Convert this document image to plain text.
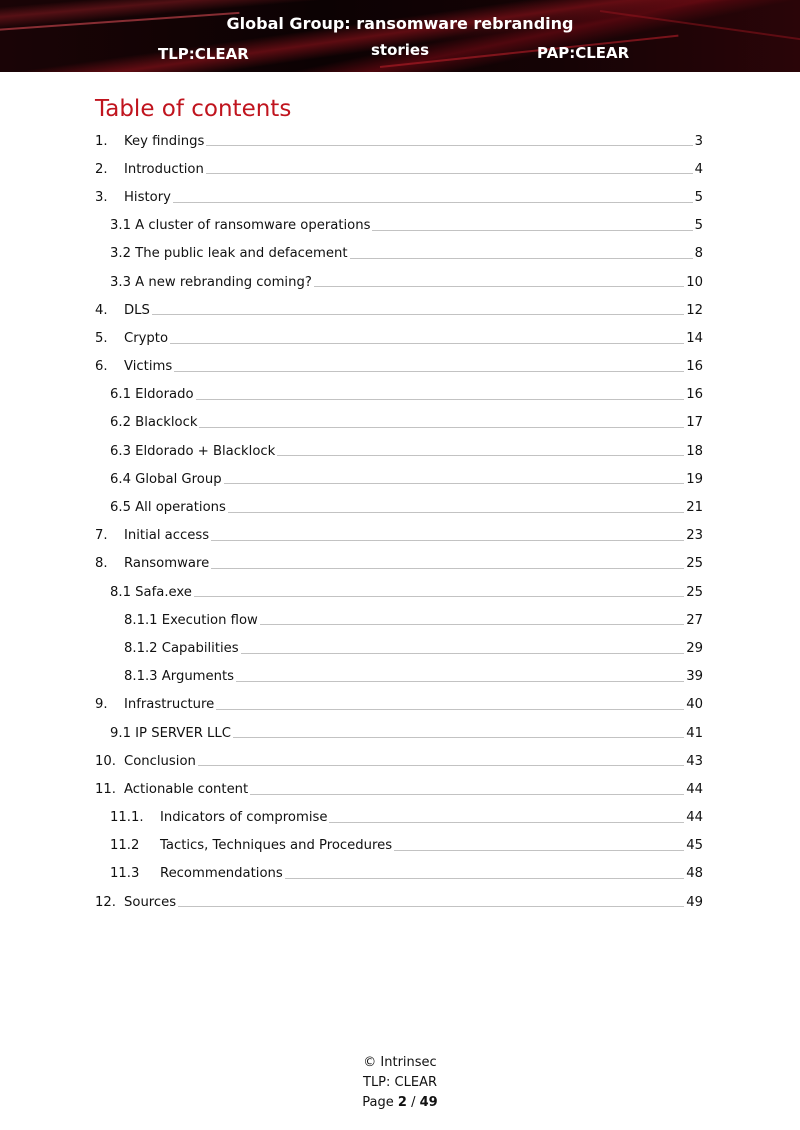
Global Group: ransomware rebranding
stories
TLP:CLEAR	PAP:CLEAR
Table of contents
1.	Key findings	3
2.	Introduction	4
3.	History	5
3.1 A cluster of ransomware operations	5
3.2 The public leak and defacement	8
3.3 A new rebranding coming?	10
4.	DLS	12
5.	Crypto	14
6.	Victims	16
6.1 Eldorado	16
6.2 Blacklock	17
6.3 Eldorado + Blacklock	18
6.4 Global Group	19
6.5 All operations	21
7.	Initial access	23
8.	Ransomware	25
8.1 Safa.exe	25
8.1.1 Execution flow	27
8.1.2 Capabilities	29
8.1.3 Arguments	39
9.	Infrastructure	40
9.1 IP SERVER LLC	41
10. Conclusion	43
11. Actionable content	44
11.1.	Indicators of compromise	44
11.2	Tactics, Techniques and Procedures	45
11.3	Recommendations	48
12. Sources	49
© Intrinsec
TLP: CLEAR
Page 2 / 49
